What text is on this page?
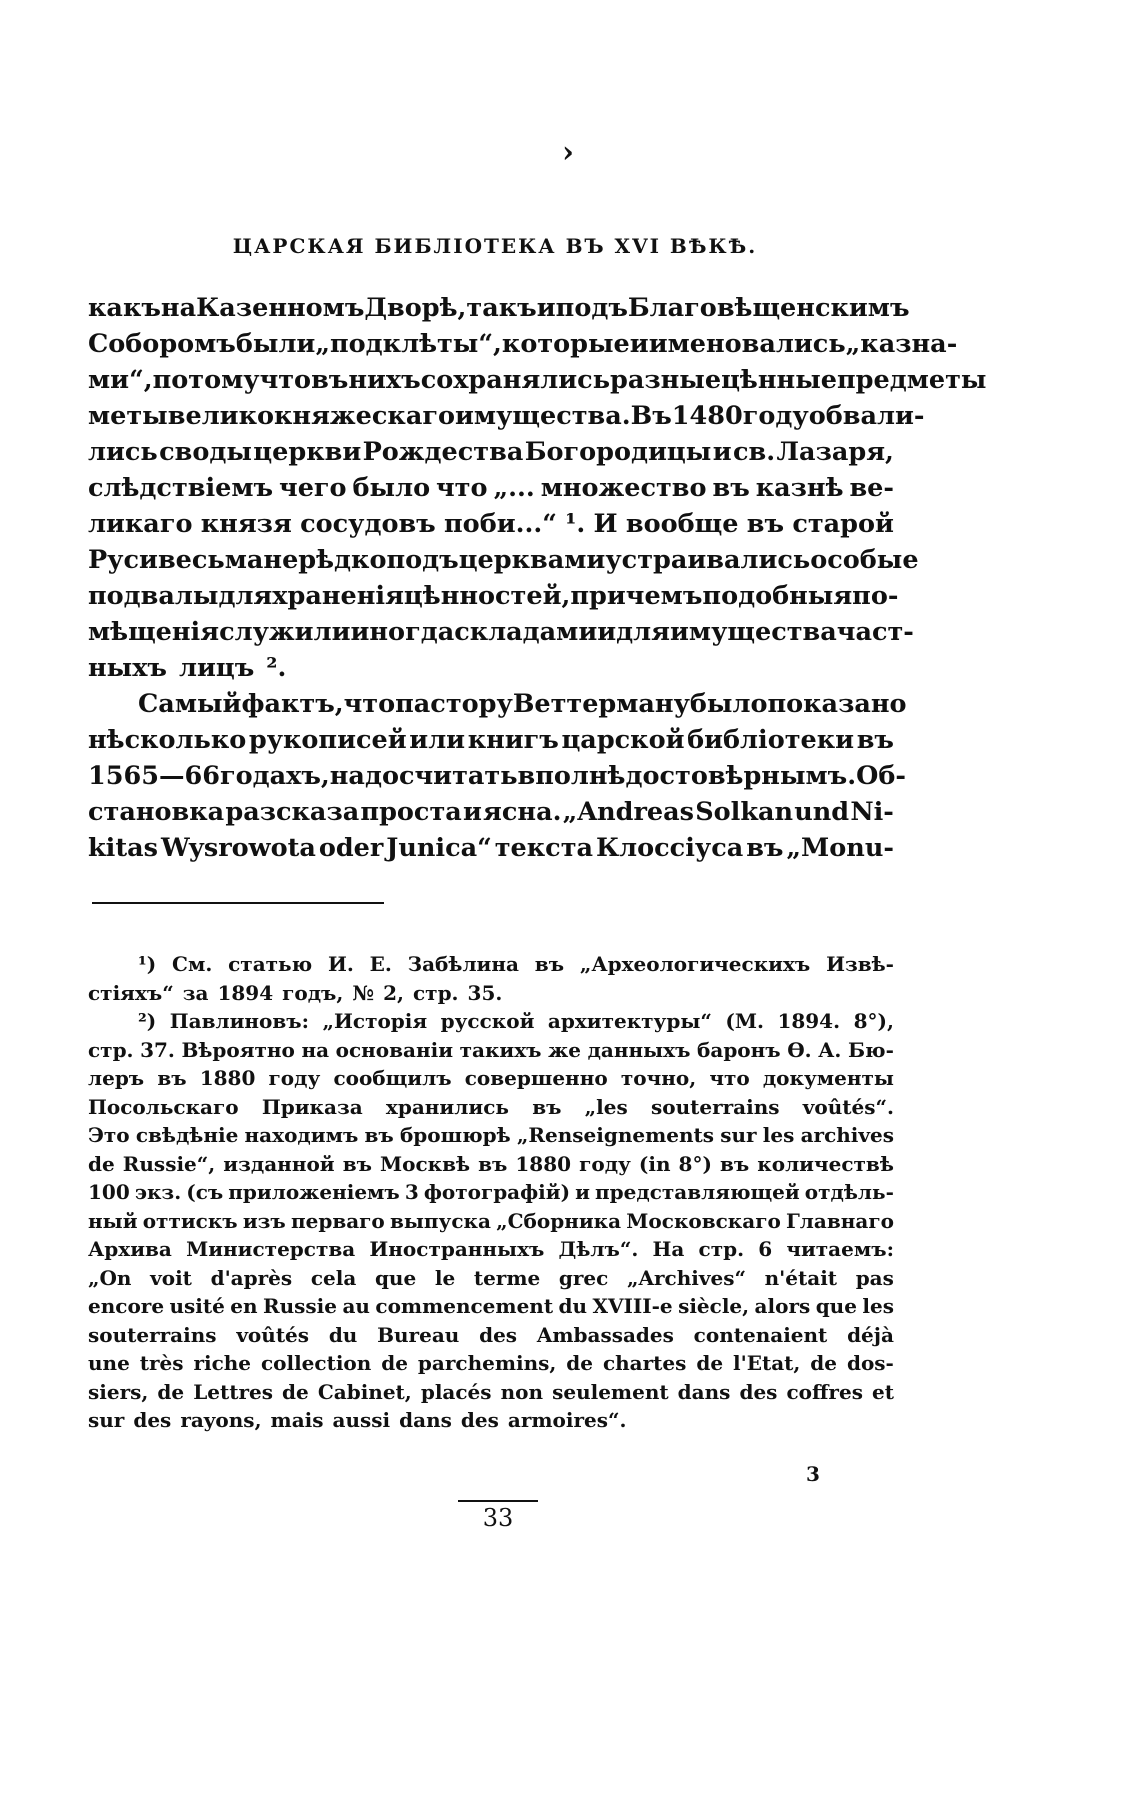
›
ЦАРСКАЯ БИБЛІОТЕКА ВЪ XVI ВѢКѢ.
какъ на Казенномъ Дворѣ, такъ и подъ Благовѣщенскимъ
Соборомъ были „подклѣты“, которые и именовались „казна-
ми“, потому что въ нихъ сохранялись разные цѣнные предметы
меты великокняжескаго имущества. Въ 1480 году обвали-
лись своды церкви Рождества Богородицы и св. Лазаря,
слѣдствіемъ чего было что „... множество въ казнѣ ве-
ликаго князя сосудовъ поби...“ ¹. И вообще въ старой
Руси весьма нерѣдко подъ церквами устраивались особые
подвалы для храненія цѣнностей, при чемъ подобныя по-
мѣщенія служили иногда складами и для имущества част-
ныхъ лицъ ².
Самый фактъ, что пастору Веттерману было показано
нѣсколько рукописей или книгъ царской библіотеки въ
1565—66 годахъ, надо считать вполнѣ достовѣрнымъ. Об-
становка разсказа проста и ясна. „Andreas Solkan und Ni-
kitas Wysrowota oder Junica“ текста Клоссіуса въ „Monu-
¹) См. статью И. Е. Забѣлина въ „Археологическихъ Извѣ-
стіяхъ“ за 1894 годъ, № 2, стр. 35.
²) Павлиновъ: „Исторія русской архитектуры“ (М. 1894. 8°),
стр. 37. Вѣроятно на основаніи такихъ же данныхъ баронъ Ѳ. А. Бю-
леръ въ 1880 году сообщилъ совершенно точно, что документы
Посольскаго Приказа хранились въ „les souterrains voûtés“.
Это свѣдѣніе находимъ въ брошюрѣ „Renseignements sur les archives
de Russie“, изданной въ Москвѣ въ 1880 году (in 8°) въ количествѣ
100 экз. (съ приложеніемъ 3 фотографій) и представляющей отдѣль-
ный оттискъ изъ перваго выпуска „Сборника Московскаго Главнаго
Архива Министерства Иностранныхъ Дѣлъ“. На стр. 6 читаемъ:
„On voit d'après cela que le terme grec „Archives“ n'était pas
encore usité en Russie au commencement du XVIII-e siècle, alors que les
souterrains voûtés du Bureau des Ambassades contenaient déjà
une très riche collection de parchemins, de chartes de l'Etat, de dos-
siers, de Lettres de Cabinet, placés non seulement dans des coffres et
sur des rayons, mais aussi dans des armoires“.
3
33
